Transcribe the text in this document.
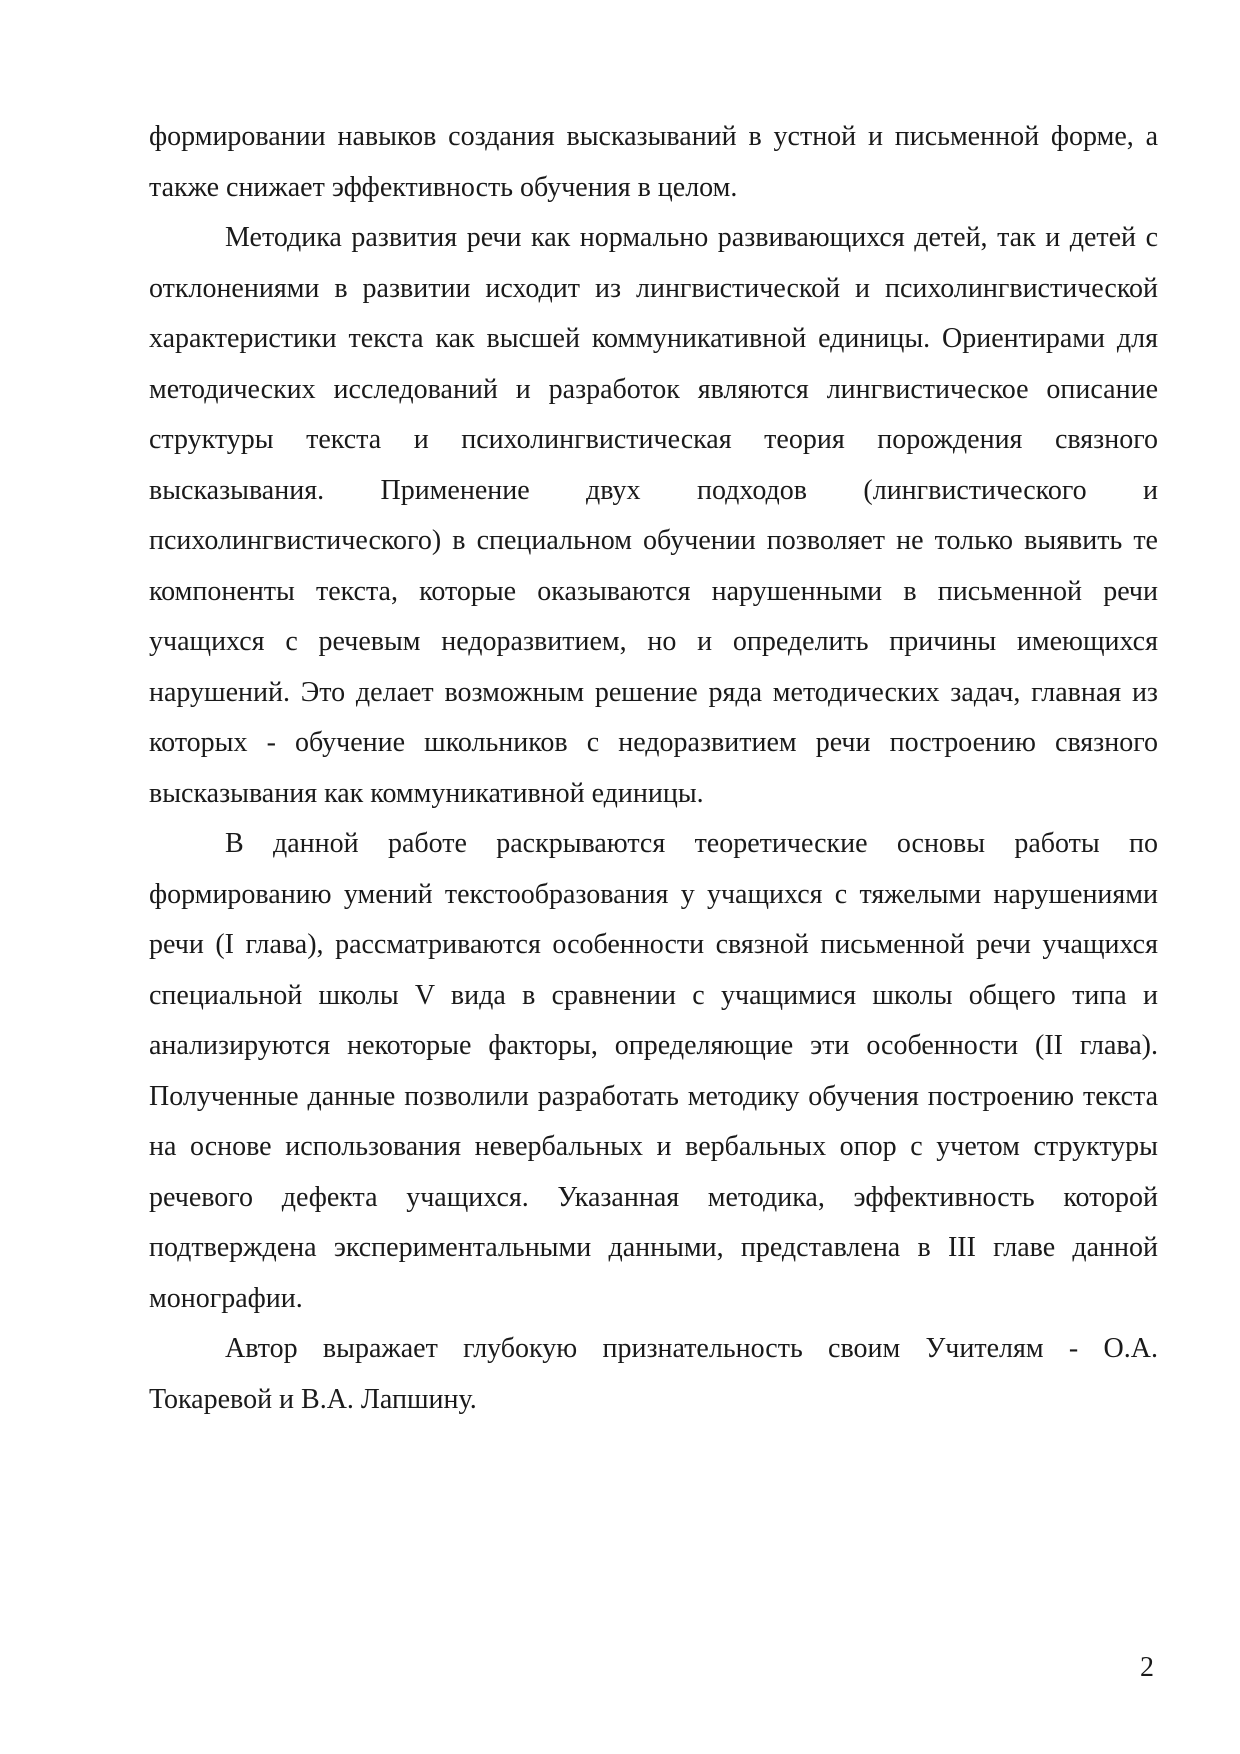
формировании навыков создания высказываний в устной и письменной форме, а также снижает эффективность обучения в целом.

Методика развития речи как нормально развивающихся детей, так и детей с отклонениями в развитии исходит из лингвистической и психолингвистической характеристики текста как высшей коммуникативной единицы. Ориентирами для методических исследований и разработок являются лингвистическое описание структуры текста и психолингвистическая теория порождения связного высказывания. Применение двух подходов (лингвистического и психолингвистического) в специальном обучении позволяет не только выявить те компоненты текста, которые оказываются нарушенными в письменной речи учащихся с речевым недоразвитием, но и определить причины имеющихся нарушений. Это делает возможным решение ряда методических задач, главная из которых - обучение школьников с недоразвитием речи построению связного высказывания как коммуникативной единицы.

В данной работе раскрываются теоретические основы работы по формированию умений текстообразования у учащихся с тяжелыми нарушениями речи (I глава), рассматриваются особенности связной письменной речи учащихся специальной школы V вида в сравнении с учащимися школы общего типа и анализируются некоторые факторы, определяющие эти особенности (II глава). Полученные данные позволили разработать методику обучения построению текста на основе использования невербальных и вербальных опор с учетом структуры речевого дефекта учащихся. Указанная методика, эффективность которой подтверждена экспериментальными данными, представлена в III главе данной монографии.

Автор выражает глубокую признательность своим Учителям - О.А. Токаревой и В.А. Лапшину.

2
